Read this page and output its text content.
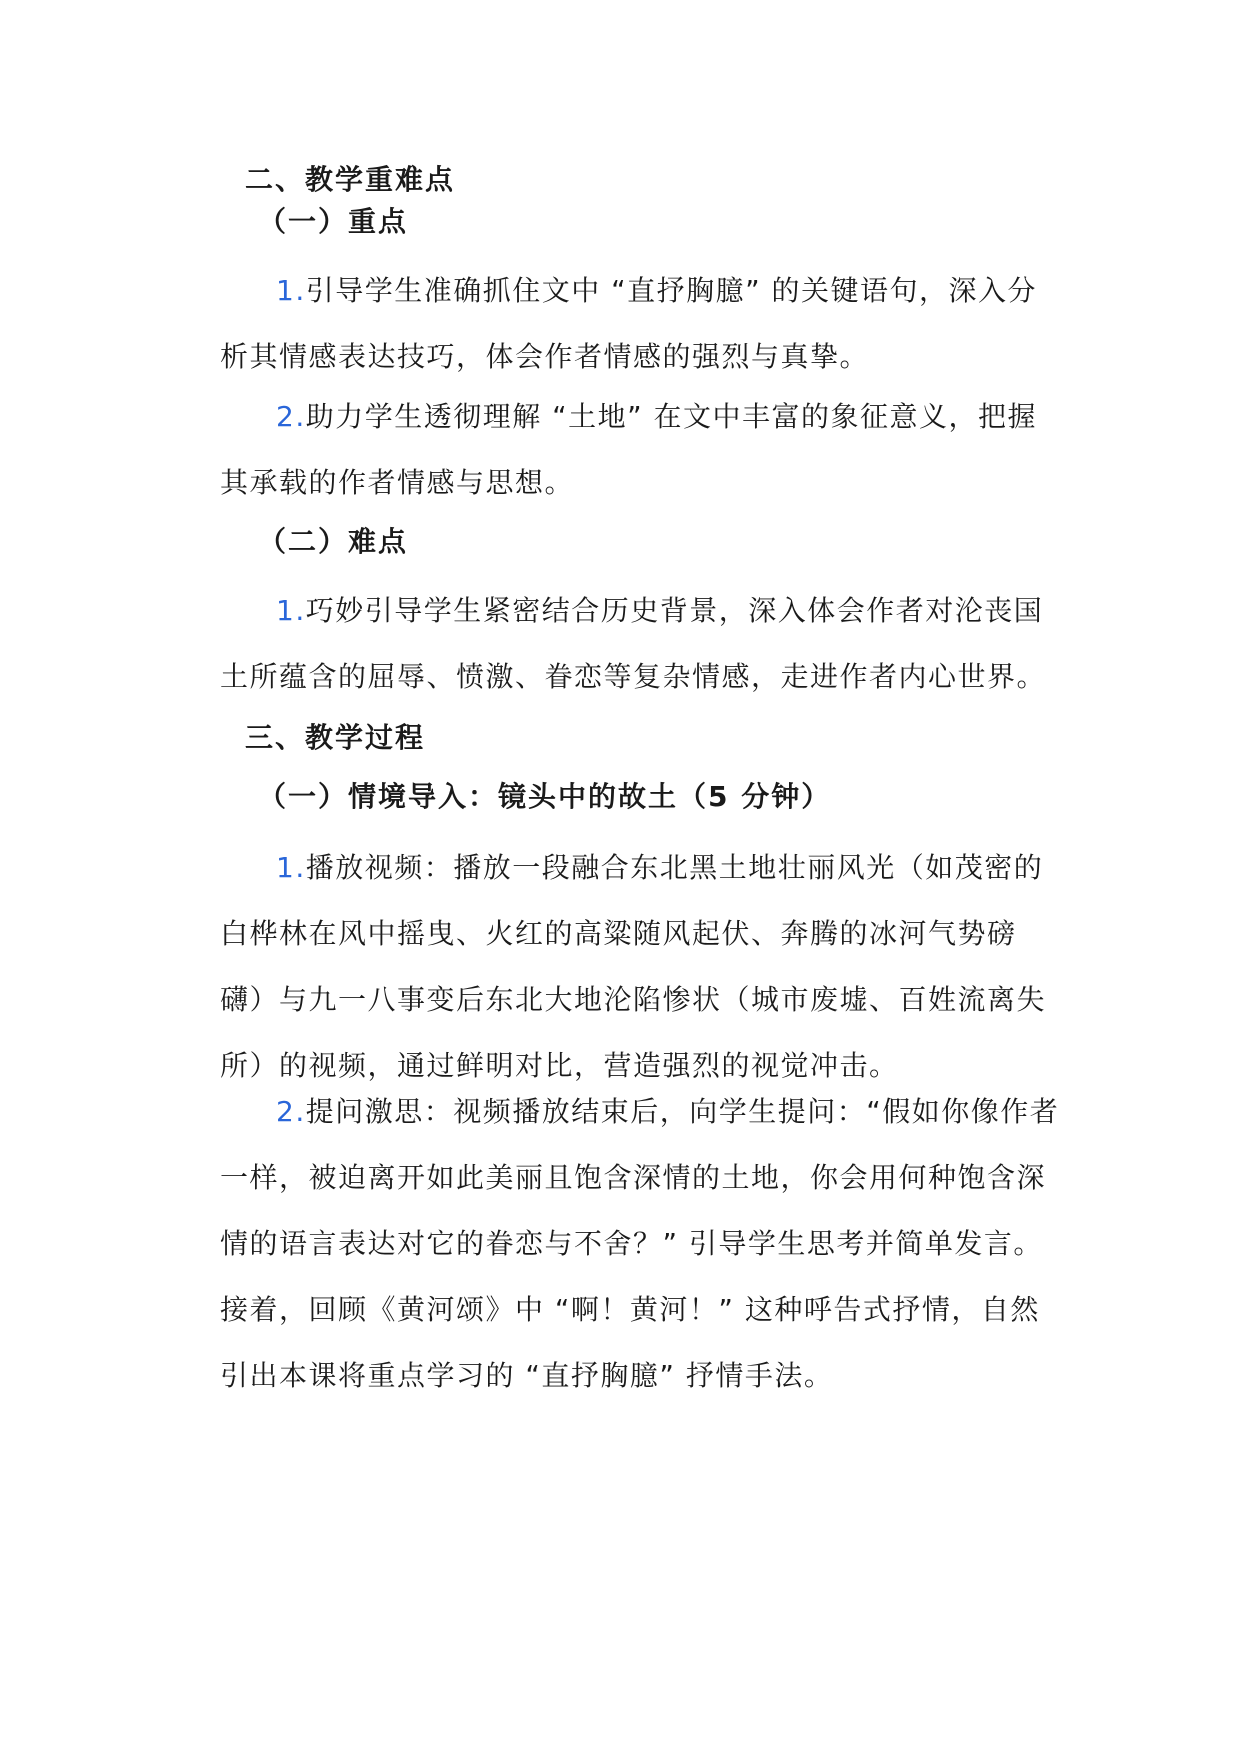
二、教学重难点
（一）重点

1.引导学生准确抓住文中 “直抒胸臆” 的关键语句，深入分析其情感表达技巧，体会作者情感的强烈与真挚。

2.助力学生透彻理解 “土地” 在文中丰富的象征意义，把握其承载的作者情感与思想。

（二）难点

1.巧妙引导学生紧密结合历史背景，深入体会作者对沦丧国土所蕴含的屈辱、愤激、眷恋等复杂情感，走进作者内心世界。

三、教学过程
（一）情境导入：镜头中的故土（5 分钟）

1.播放视频：播放一段融合东北黑土地壮丽风光（如茂密的白桦林在风中摇曳、火红的高粱随风起伏、奔腾的冰河气势磅礴）与九一八事变后东北大地沦陷惨状（城市废墟、百姓流离失所）的视频，通过鲜明对比，营造强烈的视觉冲击。

2.提问激思：视频播放结束后，向学生提问：“假如你像作者一样，被迫离开如此美丽且饱含深情的土地，你会用何种饱含深情的语言表达对它的眷恋与不舍？” 引导学生思考并简单发言。接着，回顾《黄河颂》中 “啊！黄河！” 这种呼告式抒情，自然引出本课将重点学习的 “直抒胸臆” 抒情手法。
